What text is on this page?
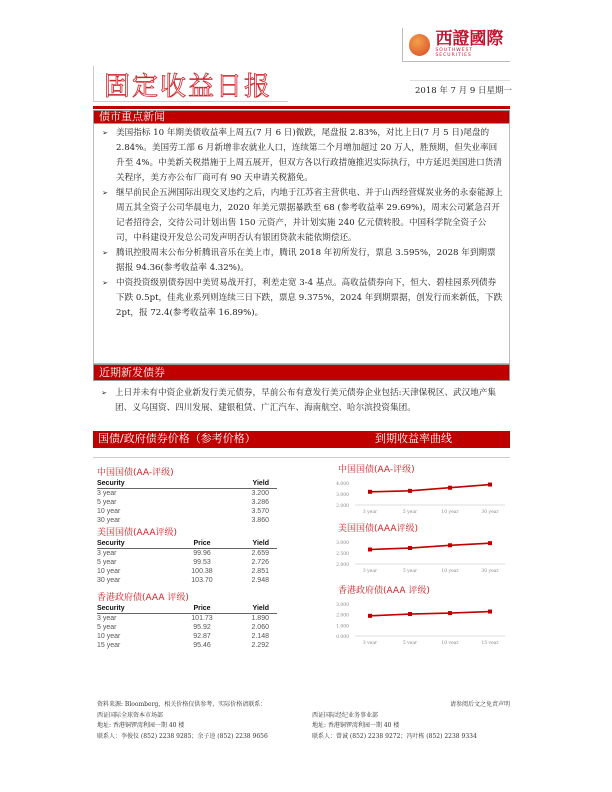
西證國際
SOUTHWEST SECURITIES
固定收益日报	2018 年 7 月 9 日星期一
债市重点新闻
➢ 美国指标 10 年期美债收益率上周五(7 月 6 日)微跌，尾盘报 2.83%，对比上日(7 月 5 日)尾盘的 2.84%。美国劳工部 6 月新增非农就业人口，连续第二个月增加超过 20 万人，胜预期，但失业率回升至 4%。中美新关税措施于上周五展开，但双方各以行政措施推迟实际执行，中方延迟美国进口货清关程序，美方亦公布厂商可有 90 天申请关税豁免。
➢ 继早前民企五洲国际出现交叉违约之后，内地于江苏省主营供电、并于山西经营煤炭业务的永泰能源上周五其全资子公司华晨电力，2020 年美元票据暴跌至 68 (参考收益率 29.69%)，周末公司紧急召开记者招待会，交待公司计划出售 150 元资产，并计划实施 240 亿元债转股。中国科学院全资子公司，中科建设开发总公司发声明否认有银团贷款未能依期偿还。
➢ 腾讯控股周末公布分析腾讯音乐在美上市，腾讯 2018 年初所发行，票息 3.595%，2028 年到期票据报 94.36(参考收益率 4.32%)。
➢ 中资投资级别债券因中美贸易战开打，利差走宽 3-4 基点。高收益债券向下，恒大、碧桂园系列债券下跌 0.5pt，佳兆业系列则连续三日下跌，票息 9.375%，2024 年到期票据，创发行而来新低，下跌 2pt，报 72.4(参考收益率 16.89%)。
近期新发债券
➢ 上日并未有中资企业新发行美元债券，早前公布有意发行美元债券企业包括:天津保税区、武汉地产集团、义乌国资、四川发展、建银租赁、广汇汽车、海南航空、哈尔滨投资集团。
国债/政府债券价格（参考价格）	到期收益率曲线
资料来源: Bloomberg，相关价格仅供参考，实际价格请联系：	请参阅后文之免责声明
西证国际全球资本市场部
地址: 香港铜锣湾利园一期 40 楼
联系人：李俊仪 (852) 2238 9285；余子逵 (852) 2238 9656
西证国际经纪业务事业部
地址: 香港铜锣湾利园一期 40 楼
联系人：曾诚 (852) 2238 9272；冯叶栋 (852) 2238 9334
中国国债(AA-评级)
Security	Yield
3 year	3.200
5 year	3.286
10 year	3.570
30 year	3.860
美国国债(AAA评级)
Security	Price	Yield
3 year	99.96	2.659
5 year	99.53	2.726
10 year	100.38	2.851
30 year	103.70	2.948
香港政府债(AAA 评级)
Security	Price	Yield
3 year	101.73	1.890
5 year	95.92	2.060
10 year	92.87	2.148
15 year	95.46	2.292
中国国债(AA-评级)
2.000
3.000
4.000
3 year	5 year	10 year	30 year
美国国债(AAA评级)
2.000
2.500
3.000
3 year	5 year	10 year	30 year
香港政府债(AAA 评级)
0.000
1.000
2.000
3.000
3 year	5 year	10 year	15 year
